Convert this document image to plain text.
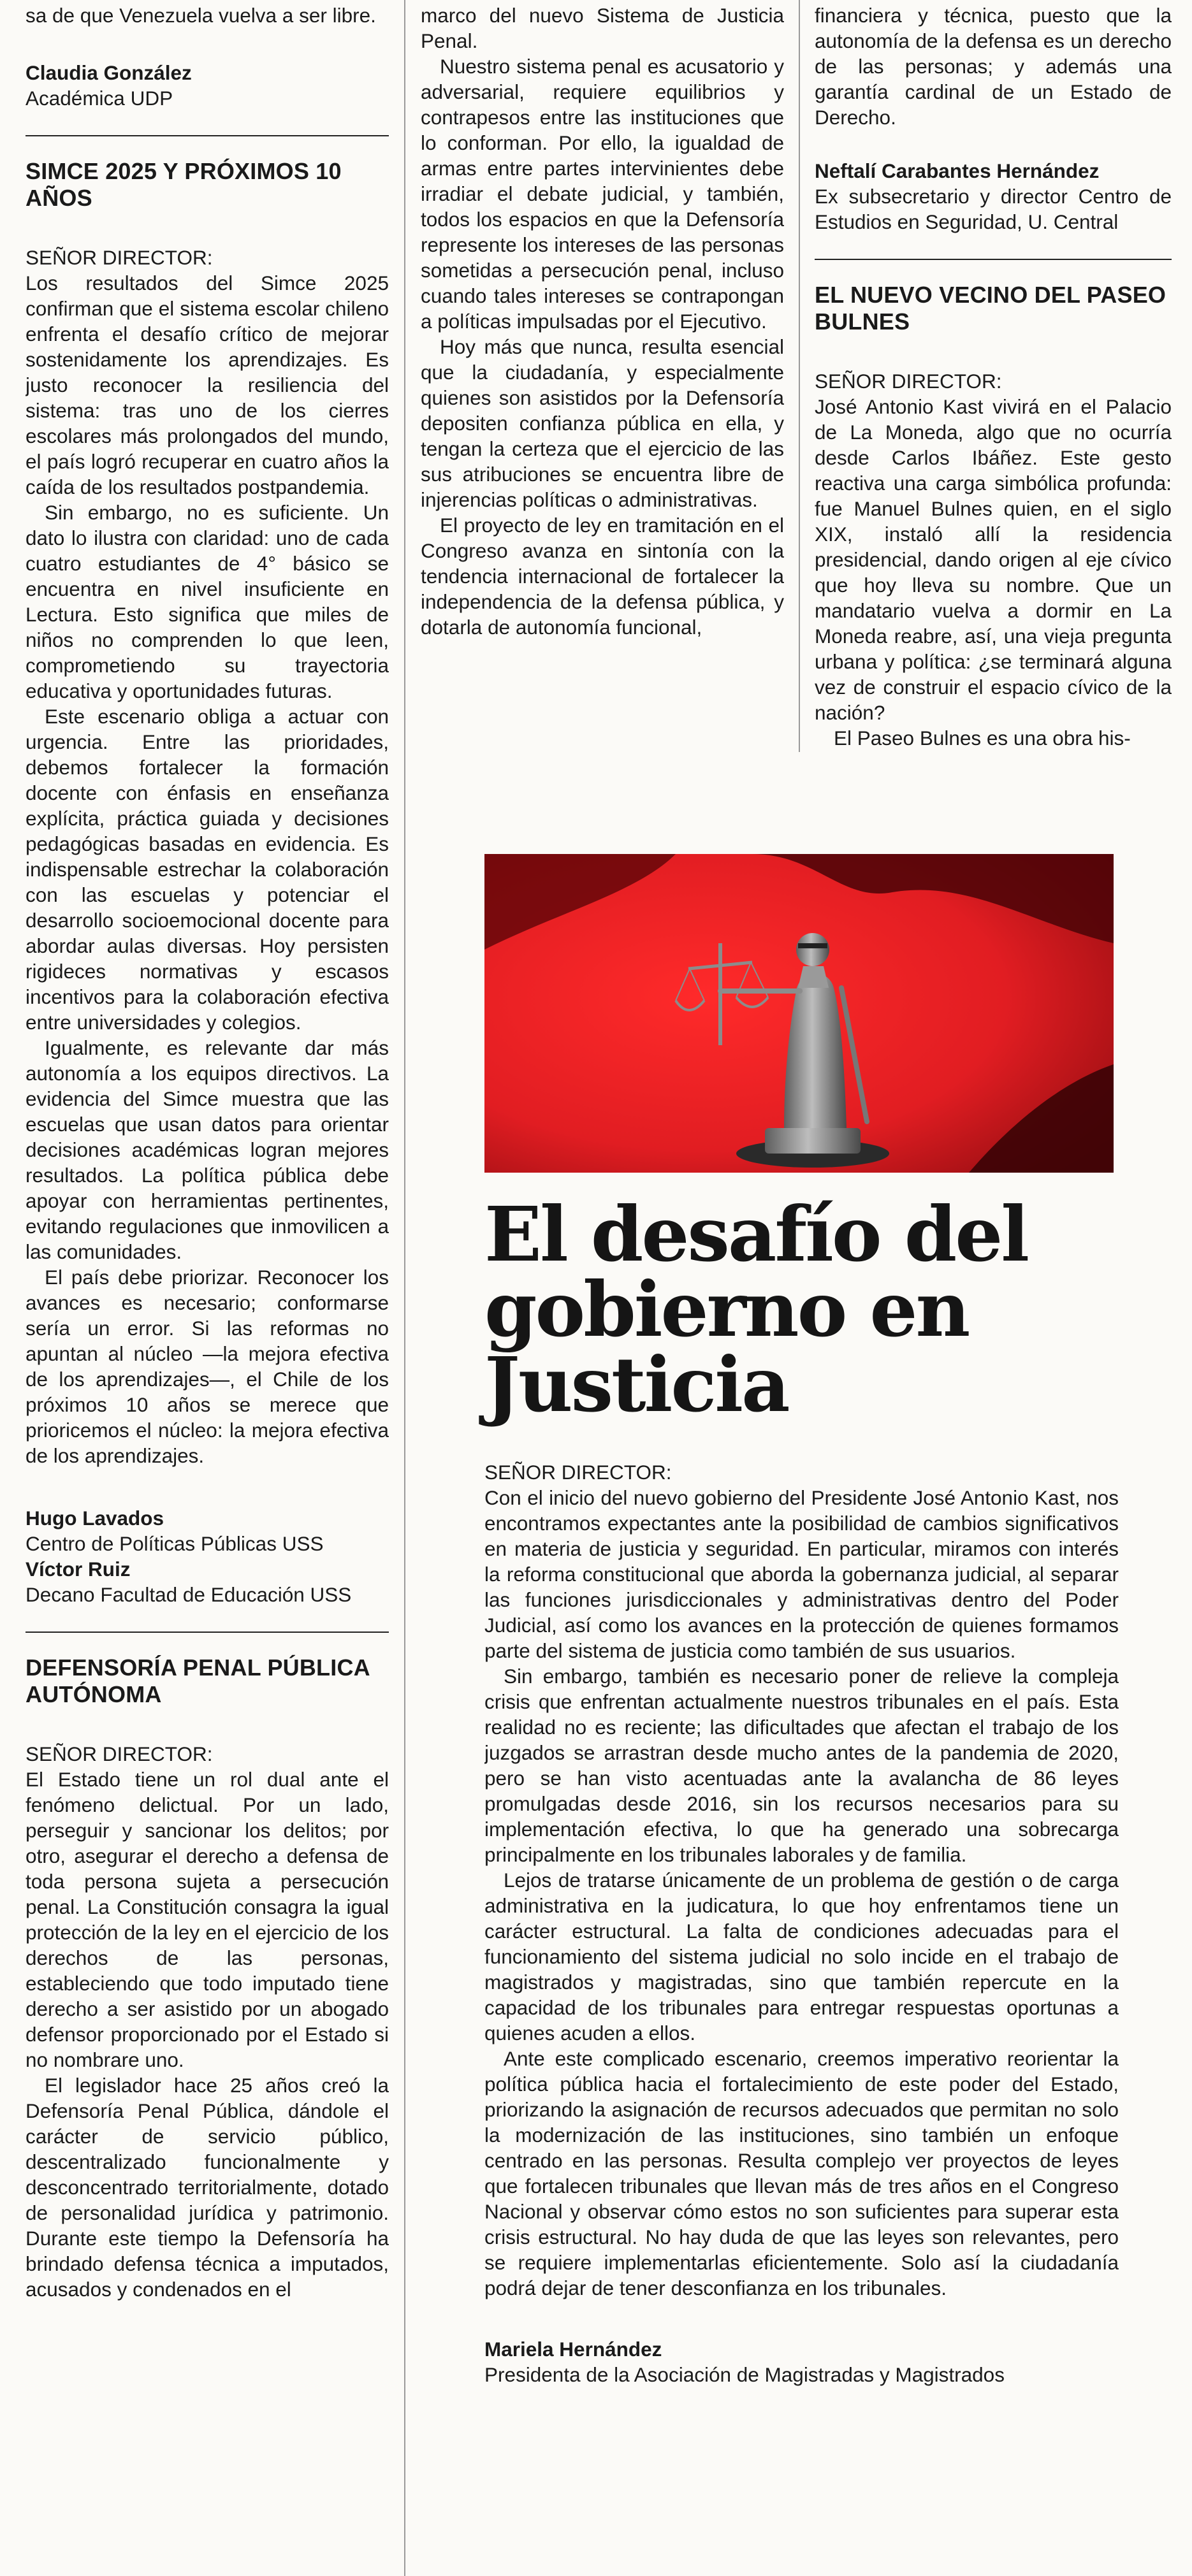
sa de que Venezuela vuelva a ser libre.

Claudia González

Académica UDP

SIMCE 2025 Y PRÓXIMOS 10 AÑOS

SEÑOR DIRECTOR:

Los resultados del Simce 2025 confirman que el sistema escolar chileno enfrenta el desafío crítico de mejorar sostenidamente los aprendizajes. Es justo reconocer la resiliencia del sistema: tras uno de los cierres escolares más prolongados del mundo, el país logró recuperar en cuatro años la caída de los resultados postpandemia.

Sin embargo, no es suficiente. Un dato lo ilustra con claridad: uno de cada cuatro estudiantes de 4° básico se encuentra en nivel insuficiente en Lectura. Esto significa que miles de niños no comprenden lo que leen, comprometiendo su trayectoria educativa y oportunidades futuras.

Este escenario obliga a actuar con urgencia. Entre las prioridades, debemos fortalecer la formación docente con énfasis en enseñanza explícita, práctica guiada y decisiones pedagógicas basadas en evidencia. Es indispensable estrechar la colaboración con las escuelas y potenciar el desarrollo socioemocional docente para abordar aulas diversas. Hoy persisten rigideces normativas y escasos incentivos para la colaboración efectiva entre universidades y colegios.

Igualmente, es relevante dar más autonomía a los equipos directivos. La evidencia del Simce muestra que las escuelas que usan datos para orientar decisiones académicas logran mejores resultados. La política pública debe apoyar con herramientas pertinentes, evitando regulaciones que inmovilicen a las comunidades.

El país debe priorizar. Reconocer los avances es necesario; conformarse sería un error. Si las reformas no apuntan al núcleo —la mejora efectiva de los aprendizajes—, el Chile de los próximos 10 años se merece que prioricemos el núcleo: la mejora efectiva de los aprendizajes.

Hugo Lavados

Centro de Políticas Públicas USS

Víctor Ruiz

Decano Facultad de Educación USS

DEFENSORÍA PENAL PÚBLICA AUTÓNOMA

SEÑOR DIRECTOR:

El Estado tiene un rol dual ante el fenómeno delictual. Por un lado, perseguir y sancionar los delitos; por otro, asegurar el derecho a defensa de toda persona sujeta a persecución penal. La Constitución consagra la igual protección de la ley en el ejercicio de los derechos de las personas, estableciendo que todo imputado tiene derecho a ser asistido por un abogado defensor proporcionado por el Estado si no nombrare uno.

El legislador hace 25 años creó la Defensoría Penal Pública, dándole el carácter de servicio público, descentralizado funcionalmente y desconcentrado territorialmente, dotado de personalidad jurídica y patrimonio. Durante este tiempo la Defensoría ha brindado defensa técnica a imputados, acusados y condenados en el

marco del nuevo Sistema de Justicia Penal.

Nuestro sistema penal es acusatorio y adversarial, requiere equilibrios y contrapesos entre las instituciones que lo conforman. Por ello, la igualdad de armas entre partes intervinientes debe irradiar el debate judicial, y también, todos los espacios en que la Defensoría represente los intereses de las personas sometidas a persecución penal, incluso cuando tales intereses se contrapongan a políticas impulsadas por el Ejecutivo.

Hoy más que nunca, resulta esencial que la ciudadanía, y especialmente quienes son asistidos por la Defensoría depositen confianza pública en ella, y tengan la certeza que el ejercicio de las sus atribuciones se encuentra libre de injerencias políticas o administrativas.

El proyecto de ley en tramitación en el Congreso avanza en sintonía con la tendencia internacional de fortalecer la independencia de la defensa pública, y dotarla de autonomía funcional,

financiera y técnica, puesto que la autonomía de la defensa es un derecho de las personas; y además una garantía cardinal de un Estado de Derecho.

Neftalí Carabantes Hernández

Ex subsecretario y director Centro de Estudios en Seguridad, U. Central

EL NUEVO VECINO DEL PASEO BULNES

SEÑOR DIRECTOR:

José Antonio Kast vivirá en el Palacio de La Moneda, algo que no ocurría desde Carlos Ibáñez. Este gesto reactiva una carga simbólica profunda: fue Manuel Bulnes quien, en el siglo XIX, instaló allí la residencia presidencial, dando origen al eje cívico que hoy lleva su nombre. Que un mandatario vuelva a dormir en La Moneda reabre, así, una vieja pregunta urbana y política: ¿se terminará alguna vez de construir el espacio cívico de la nación?

El Paseo Bulnes es una obra his-

El desafío del
gobierno en
Justicia

SEÑOR DIRECTOR:

Con el inicio del nuevo gobierno del Presidente José Antonio Kast, nos encontramos expectantes ante la posibilidad de cambios significativos en materia de justicia y seguridad. En particular, miramos con interés la reforma constitucional que aborda la gobernanza judicial, al separar las funciones jurisdiccionales y administrativas dentro del Poder Judicial, así como los avances en la protección de quienes formamos parte del sistema de justicia como también de sus usuarios.

Sin embargo, también es necesario poner de relieve la compleja crisis que enfrentan actualmente nuestros tribunales en el país. Esta realidad no es reciente; las dificultades que afectan el trabajo de los juzgados se arrastran desde mucho antes de la pandemia de 2020, pero se han visto acentuadas ante la avalancha de 86 leyes promulgadas desde 2016, sin los recursos necesarios para su implementación efectiva, lo que ha generado una sobrecarga principalmente en los tribunales laborales y de familia.

Lejos de tratarse únicamente de un problema de gestión o de carga administrativa en la judicatura, lo que hoy enfrentamos tiene un carácter estructural. La falta de condiciones adecuadas para el funcionamiento del sistema judicial no solo incide en el trabajo de magistrados y magistradas, sino que también repercute en la capacidad de los tribunales para entregar respuestas oportunas a quienes acuden a ellos.

Ante este complicado escenario, creemos imperativo reorientar la política pública hacia el fortalecimiento de este poder del Estado, priorizando la asignación de recursos adecuados que permitan no solo la modernización de las instituciones, sino también un enfoque centrado en las personas. Resulta complejo ver proyectos de leyes que fortalecen tribunales que llevan más de tres años en el Congreso Nacional y observar cómo estos no son suficientes para superar esta crisis estructural. No hay duda de que las leyes son relevantes, pero se requiere implementarlas eficientemente. Solo así la ciudadanía podrá dejar de tener desconfianza en los tribunales.

Mariela Hernández

Presidenta de la Asociación de Magistradas y Magistrados
